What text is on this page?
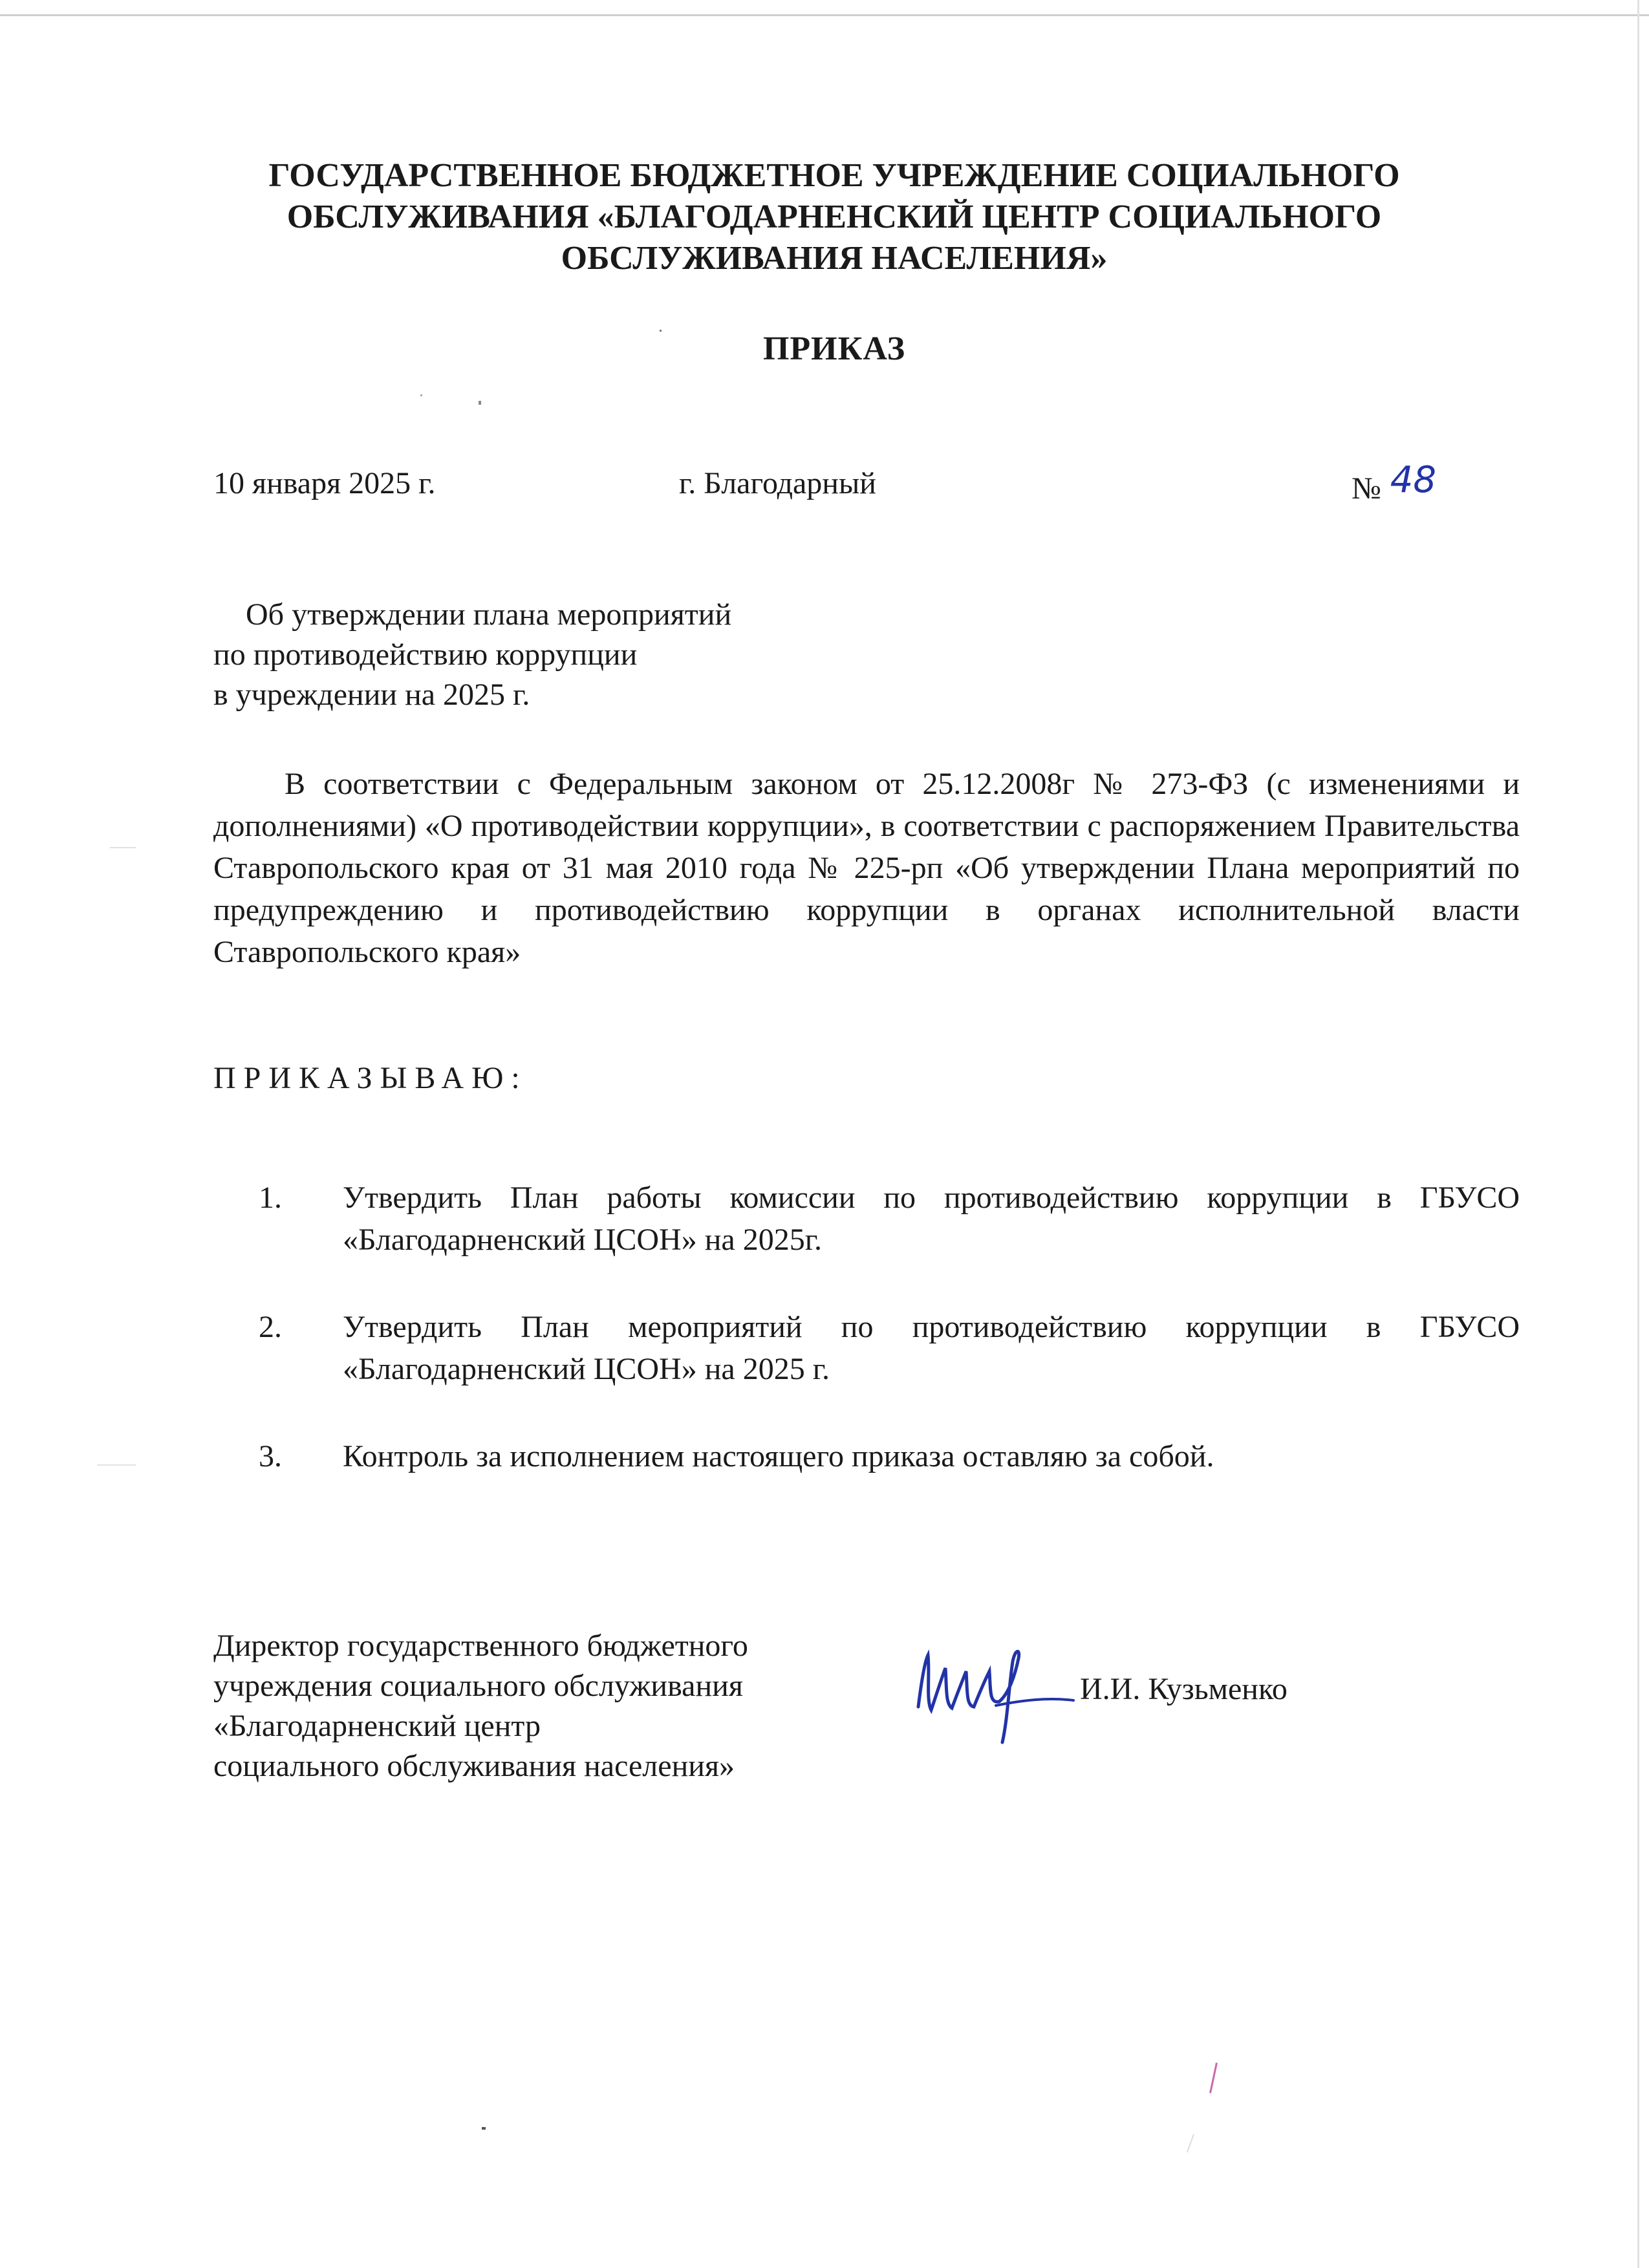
ГОСУДАРСТВЕННОЕ БЮДЖЕТНОЕ УЧРЕЖДЕНИЕ СОЦИАЛЬНОГО
ОБСЛУЖИВАНИЯ «БЛАГОДАРНЕНСКИЙ ЦЕНТР СОЦИАЛЬНОГО
ОБСЛУЖИВАНИЯ НАСЕЛЕНИЯ»
ПРИКАЗ
10 января 2025 г.	г. Благодарный	№ 48
Об утверждении плана мероприятий
по противодействию коррупции
в учреждении на 2025 г.
В соответствии с Федеральным законом от 25.12.2008г № 273-ФЗ (с изменениями и дополнениями) «О противодействии коррупции», в соответствии с распоряжением Правительства Ставропольского края от 31 мая 2010 года № 225-рп «Об утверждении Плана мероприятий по предупреждению и противодействию коррупции в органах исполнительной власти Ставропольского края»
ПРИКАЗЫВАЮ:
1.	Утвердить План работы комиссии по противодействию коррупции в ГБУСО «Благодарненский ЦСОН» на 2025г.
2.	Утвердить План мероприятий по противодействию коррупции в ГБУСО «Благодарненский ЦСОН» на 2025 г.
3.	Контроль за исполнением настоящего приказа оставляю за собой.
Директор государственного бюджетного
учреждения социального обслуживания
«Благодарненский центр
социального обслуживания населения»
И.И. Кузьменко
